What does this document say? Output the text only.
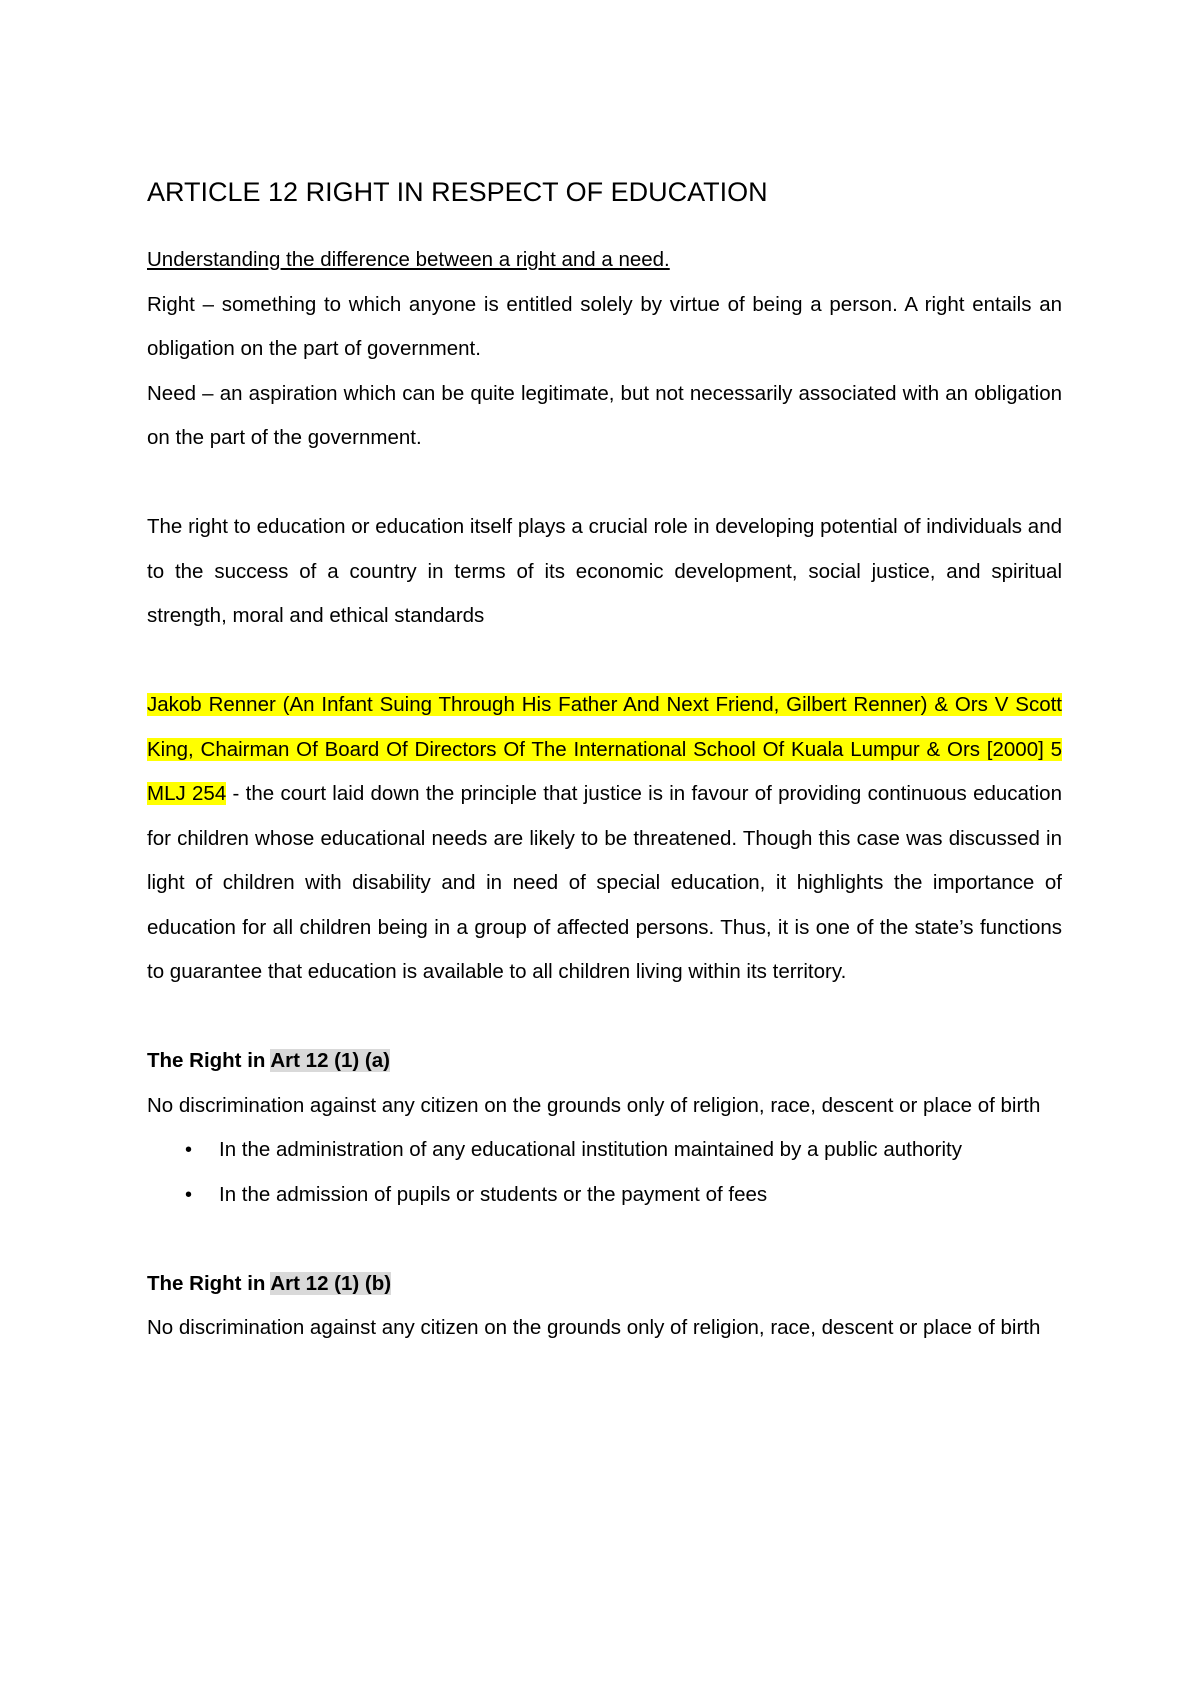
ARTICLE 12 RIGHT IN RESPECT OF EDUCATION

Understanding the difference between a right and a need.

Right – something to which anyone is entitled solely by virtue of being a person. A right entails an obligation on the part of government.

Need – an aspiration which can be quite legitimate, but not necessarily associated with an obligation on the part of the government.

The right to education or education itself plays a crucial role in developing potential of individuals and to the success of a country in terms of its economic development, social justice, and spiritual strength, moral and ethical standards

Jakob Renner (An Infant Suing Through His Father And Next Friend, Gilbert Renner) & Ors V Scott King, Chairman Of Board Of Directors Of The International School Of Kuala Lumpur & Ors [2000] 5 MLJ 254 - the court laid down the principle that justice is in favour of providing continuous education for children whose educational needs are likely to be threatened. Though this case was discussed in light of children with disability and in need of special education, it highlights the importance of education for all children being in a group of affected persons. Thus, it is one of the state’s functions to guarantee that education is available to all children living within its territory.

The Right in Art 12 (1) (a)

No discrimination against any citizen on the grounds only of religion, race, descent or place of birth

• In the administration of any educational institution maintained by a public authority
• In the admission of pupils or students or the payment of fees

The Right in Art 12 (1) (b)

No discrimination against any citizen on the grounds only of religion, race, descent or place of birth
